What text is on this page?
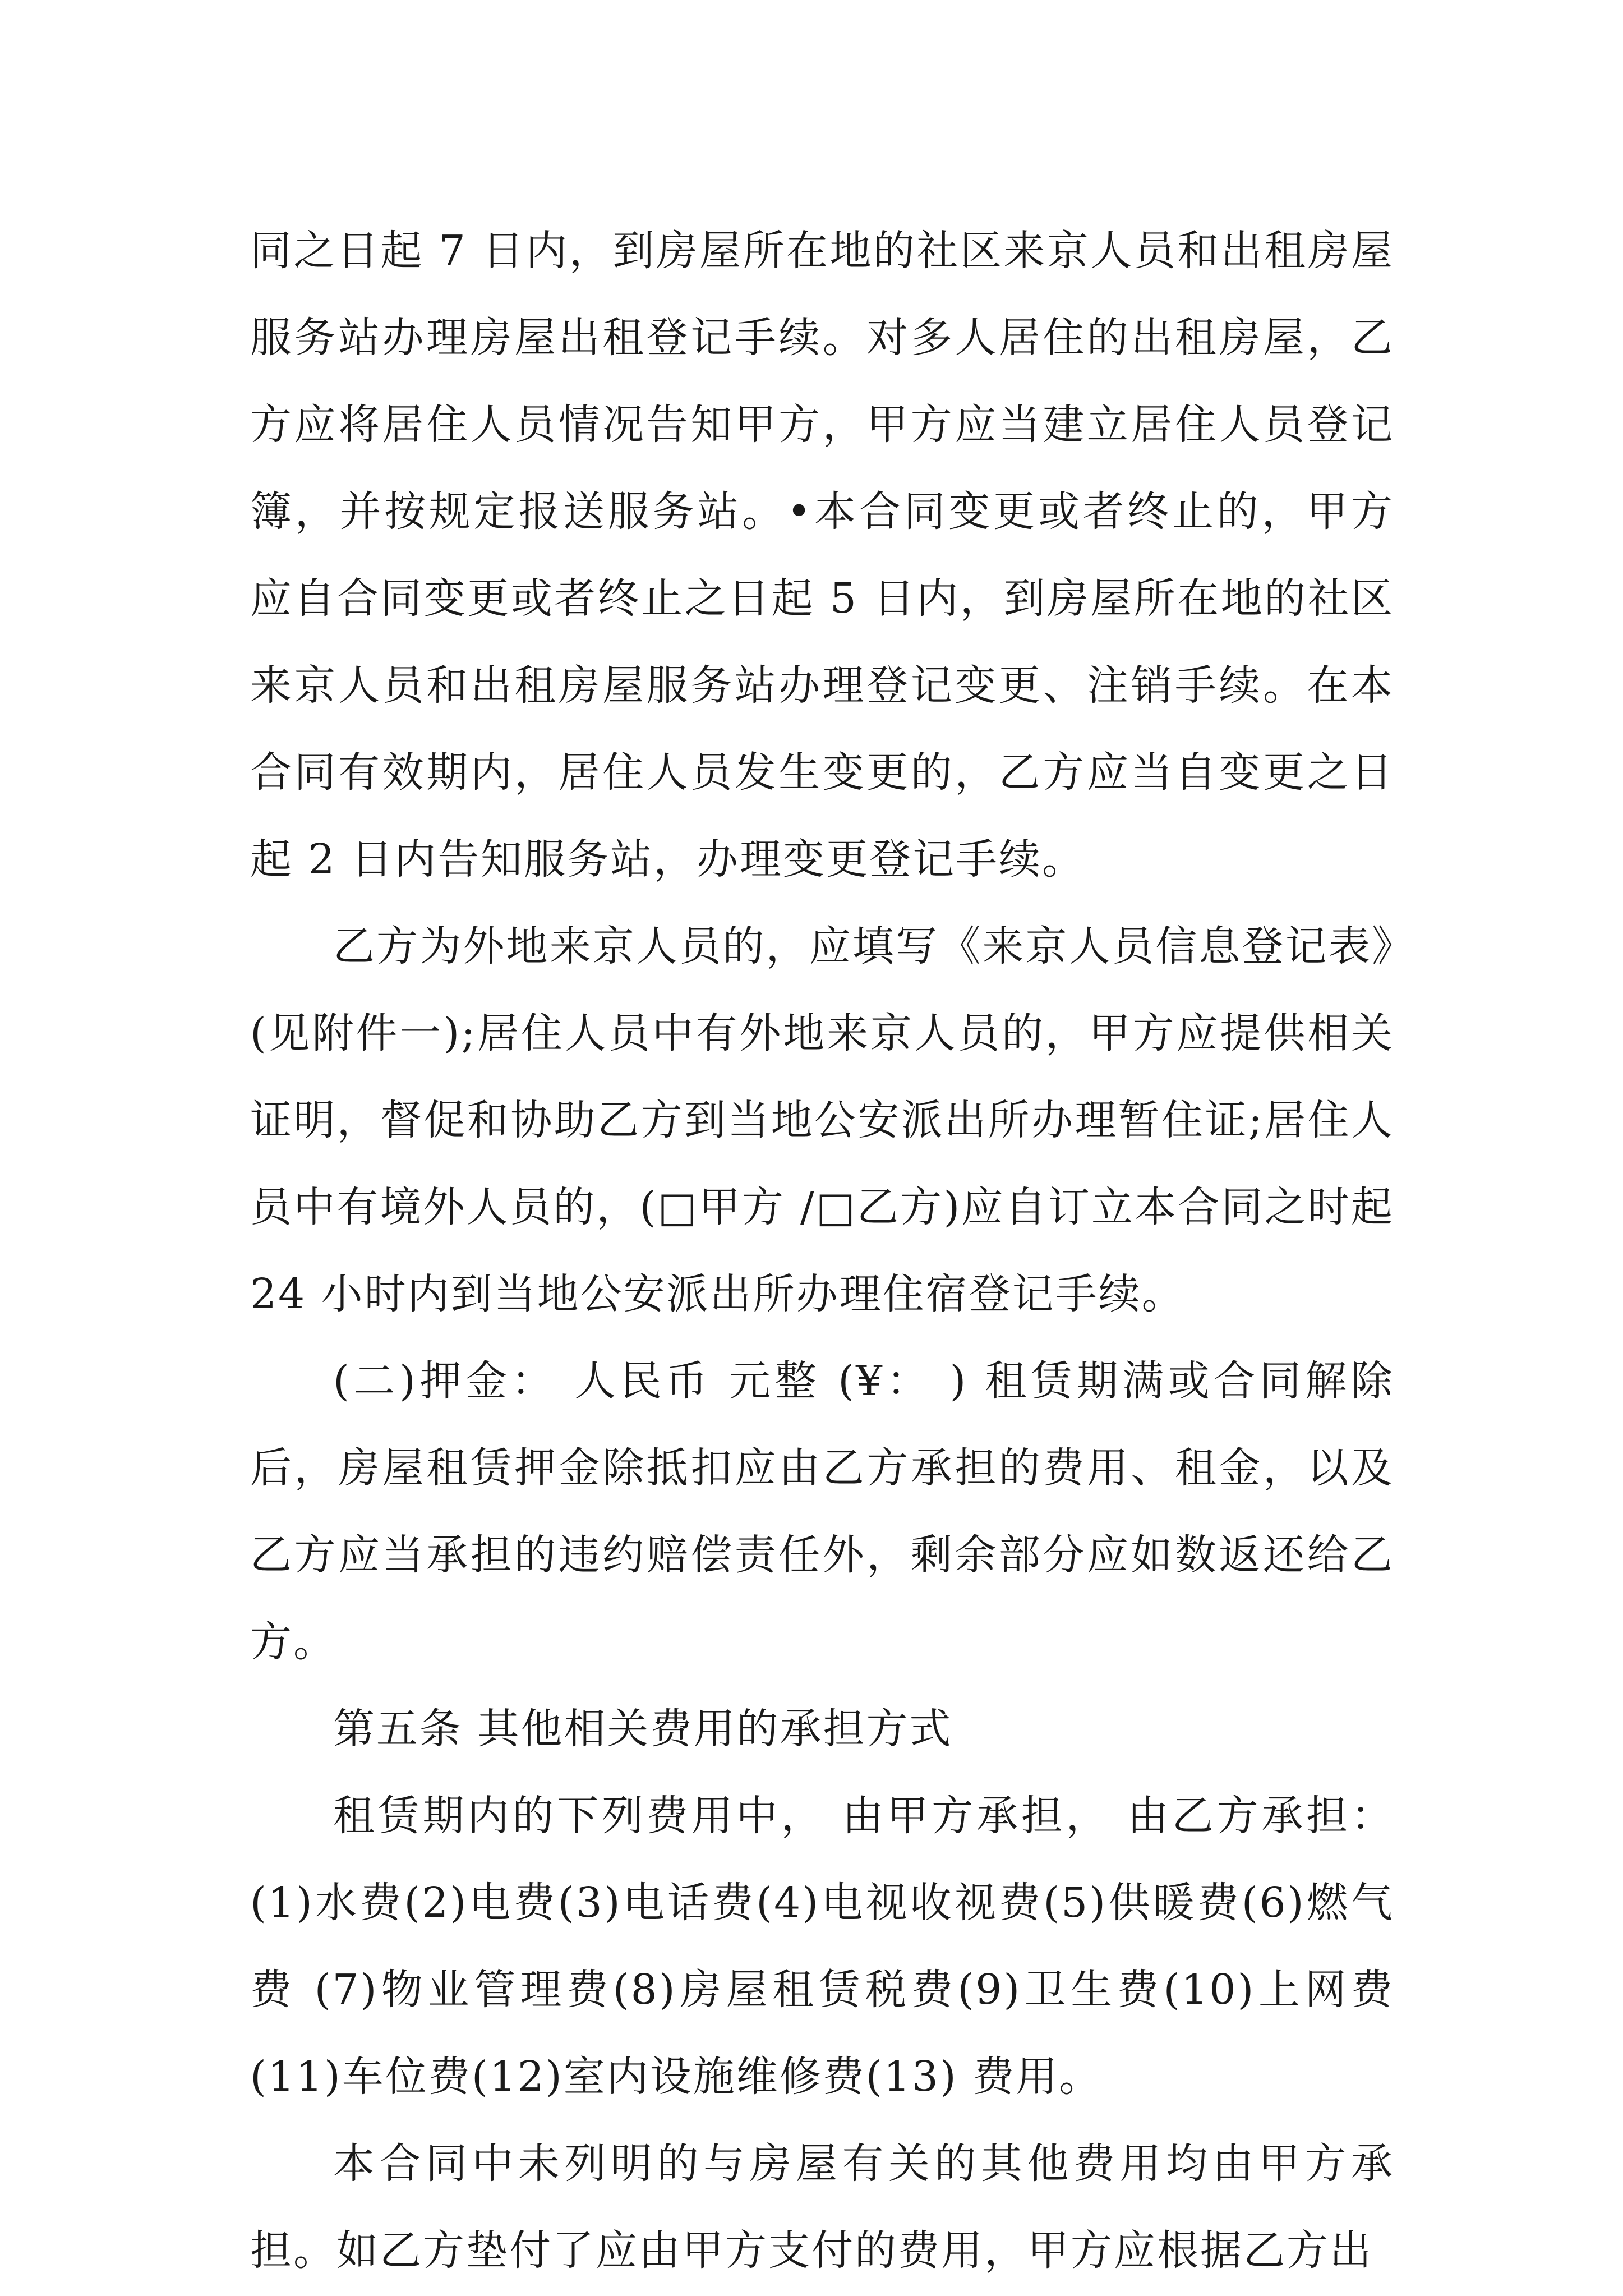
同之日起 7 日内，到房屋所在地的社区来京人员和出租房屋服务站办理房屋出租登记手续。对多人居住的出租房屋，乙方应将居住人员情况告知甲方，甲方应当建立居住人员登记簿，并按规定报送服务站。•本合同变更或者终止的，甲方应自合同变更或者终止之日起 5 日内，到房屋所在地的社区来京人员和出租房屋服务站办理登记变更、注销手续。在本合同有效期内，居住人员发生变更的，乙方应当自变更之日起 2 日内告知服务站，办理变更登记手续。

乙方为外地来京人员的，应填写《来京人员信息登记表》(见附件一);居住人员中有外地来京人员的，甲方应提供相关证明，督促和协助乙方到当地公安派出所办理暂住证;居住人员中有境外人员的，(□甲方 /□乙方)应自订立本合同之时起 24 小时内到当地公安派出所办理住宿登记手续。

(二)押金： 人民币 元整 (¥： ) 租赁期满或合同解除后，房屋租赁押金除抵扣应由乙方承担的费用、租金，以及乙方应当承担的违约赔偿责任外，剩余部分应如数返还给乙方。

第五条 其他相关费用的承担方式

租赁期内的下列费用中， 由甲方承担， 由乙方承担：(1)水费(2)电费(3)电话费(4)电视收视费(5)供暖费(6)燃气费 (7)物业管理费(8)房屋租赁税费(9)卫生费(10)上网费(11)车位费(12)室内设施维修费(13) 费用。

本合同中未列明的与房屋有关的其他费用均由甲方承担。如乙方垫付了应由甲方支付的费用，甲方应根据乙方出
